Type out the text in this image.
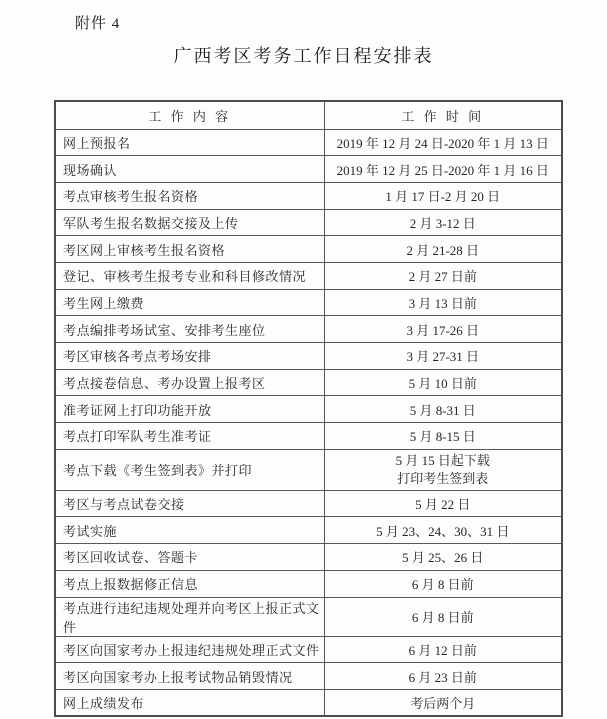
附件 4
广西考区考务工作日程安排表
工 作 内 容	工 作 时 间
网上预报名	2019 年 12 月 24 日-2020 年 1 月 13 日
现场确认	2019 年 12 月 25 日-2020 年 1 月 16 日
考点审核考生报名资格	1 月 17 日-2 月 20 日
军队考生报名数据交接及上传	2 月 3-12 日
考区网上审核考生报名资格	2 月 21-28 日
登记、审核考生报考专业和科目修改情况	2 月 27 日前
考生网上缴费	3 月 13 日前
考点编排考场试室、安排考生座位	3 月 17-26 日
考区审核各考点考场安排	3 月 27-31 日
考点接卷信息、考办设置上报考区	5 月 10 日前
准考证网上打印功能开放	5 月 8-31 日
考点打印军队考生准考证	5 月 8-15 日
考点下载《考生签到表》并打印	5 月 15 日起下载
打印考生签到表

考区与考点试卷交接	5 月 22 日
考试实施	5 月 23、24、30、31 日
考区回收试卷、答题卡	5 月 25、26 日
考点上报数据修正信息	6 月 8 日前
考点进行违纪违规处理并向考区上报正式文件	6 月 8 日前
考区向国家考办上报违纪违规处理正式文件	6 月 12 日前
考区向国家考办上报考试物品销毁情况	6 月 23 日前
网上成绩发布	考后两个月
